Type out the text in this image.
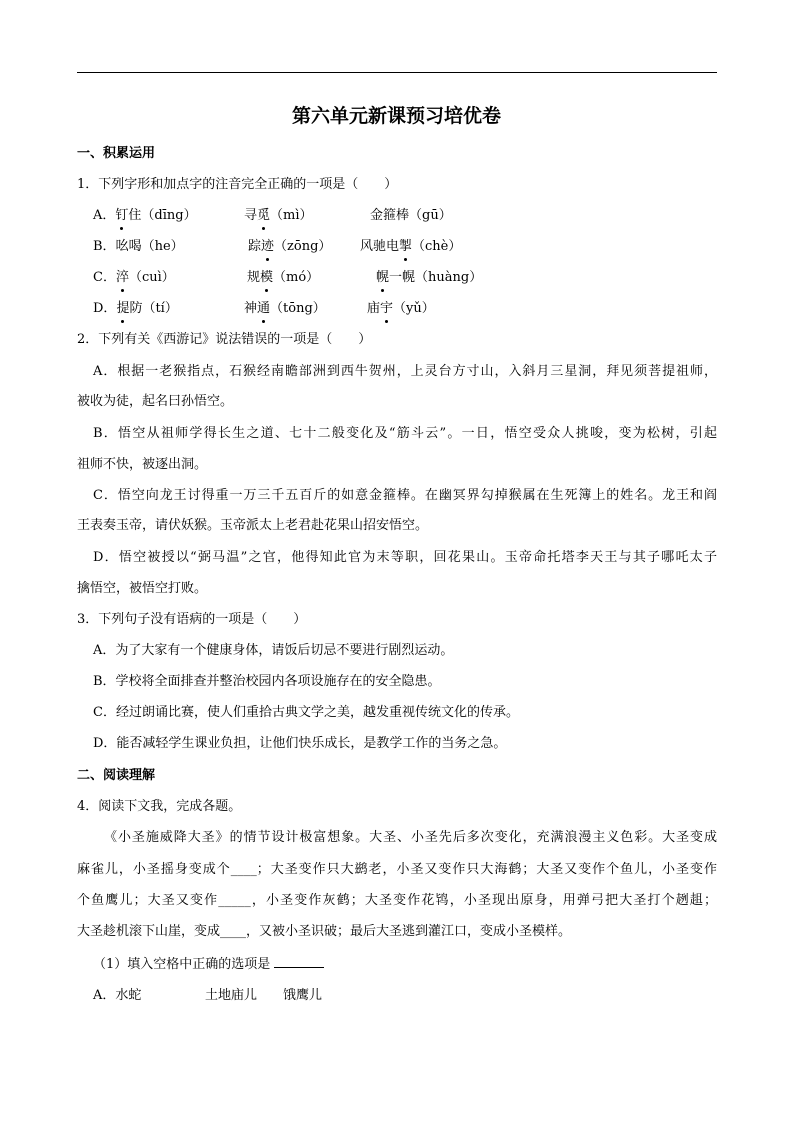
第六单元新课预习培优卷
一、积累运用
1．下列字形和加点字的注音完全正确的一项是（　　）
A．钉住（dīng）	寻觅（mì）	金箍棒（gū）
B．吆喝（he）	踪迹（zōng） 风驰电掣（chè）
C．淬（cuì）	规模（mó）	幌一幌（huàng）
D．提防（tí）	神通（tōng）	庙宇（yǔ）
2．下列有关《西游记》说法错误的一项是（　　）
A．根据一老猴指点，石猴经南瞻部洲到西牛贺州，上灵台方寸山，入斜月三星洞，拜见须菩提祖师，
被收为徒，起名曰孙悟空。
B．悟空从祖师学得长生之道、七十二般变化及“筋斗云”。一日，悟空受众人挑唆，变为松树，引起
祖师不快，被逐出洞。
C．悟空向龙王讨得重一万三千五百斤的如意金箍棒。在幽冥界勾掉猴属在生死簿上的姓名。龙王和阎
王表奏玉帝，请伏妖猴。玉帝派太上老君赴花果山招安悟空。
D．悟空被授以“弼马温”之官，他得知此官为末等职，回花果山。玉帝命托塔李天王与其子哪吒太子
擒悟空，被悟空打败。
3．下列句子没有语病的一项是（　　）
A．为了大家有一个健康身体，请饭后切忌不要进行剧烈运动。
B．学校将全面排查并整治校园内各项设施存在的安全隐患。
C．经过朗诵比赛，使人们重拾古典文学之美，越发重视传统文化的传承。
D．能否减轻学生课业负担，让他们快乐成长，是教学工作的当务之急。
二、阅读理解
4．阅读下文我，完成各题。
《小圣施威降大圣》的情节设计极富想象。大圣、小圣先后多次变化，充满浪漫主义色彩。大圣变成
麻雀儿，小圣摇身变成个____；大圣变作只大鹚老，小圣又变作只大海鹤；大圣又变作个鱼儿，小圣变作
个鱼鹰儿；大圣又变作_____，小圣变作灰鹤；大圣变作花鸨，小圣现出原身，用弹弓把大圣打个趔趄；
大圣趁机滚下山崖，变成____，又被小圣识破；最后大圣逃到灌江口，变成小圣模样。
（1）填入空格中正确的选项是
A．水蛇	土地庙儿 饿鹰儿
